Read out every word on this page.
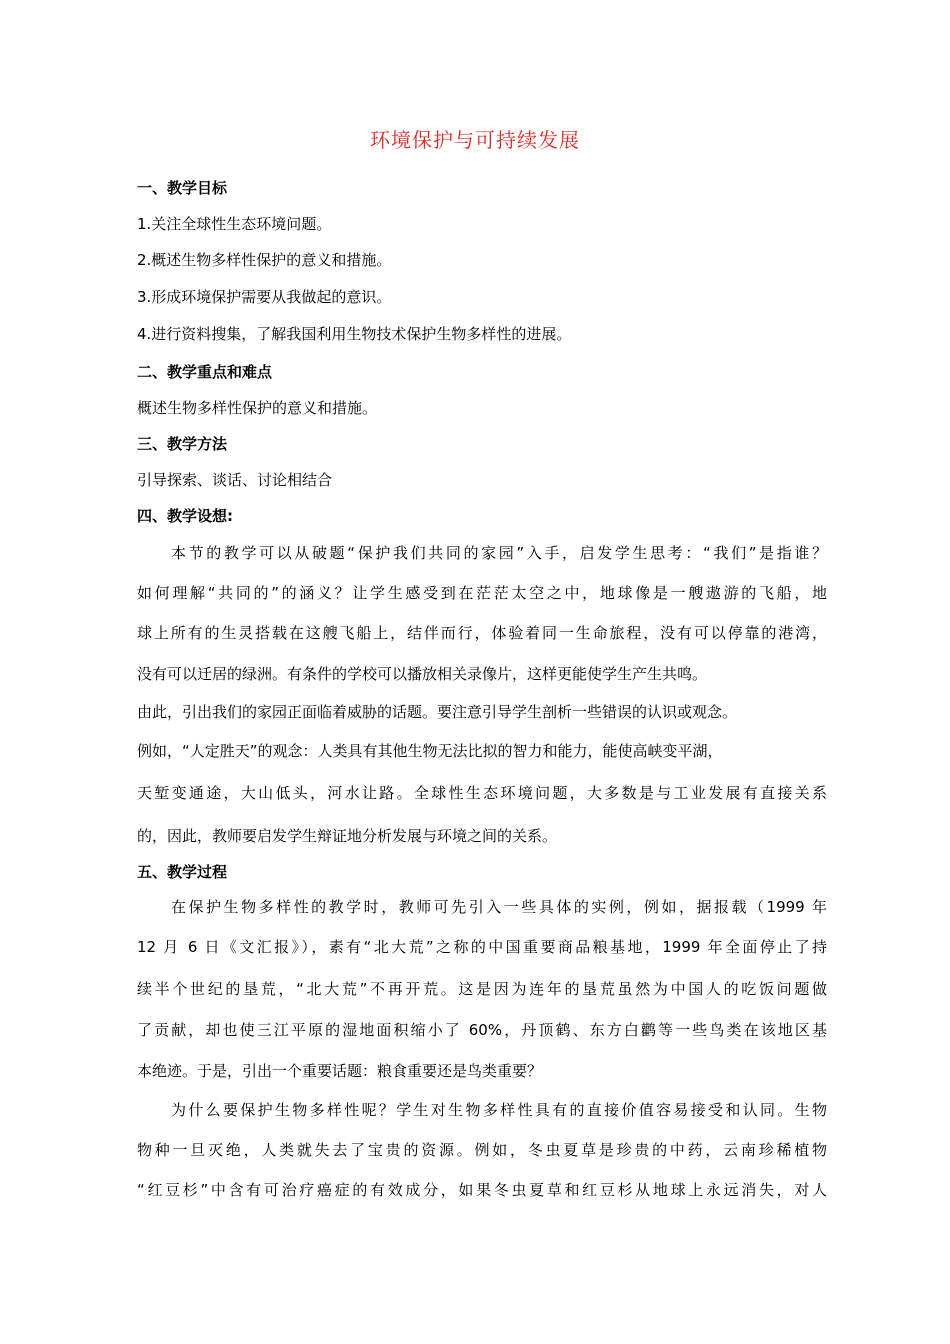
环境保护与可持续发展
一、教学目标
1.关注全球性生态环境问题。
2.概述生物多样性保护的意义和措施。
3.形成环境保护需要从我做起的意识。
4.进行资料搜集，了解我国利用生物技术保护生物多样性的进展。
二、教学重点和难点
概述生物多样性保护的意义和措施。
三、教学方法
引导探索、谈话、讨论相结合
四、教学设想:
本节的教学可以从破题“保护我们共同的家园”入手，启发学生思考：“我们”是指谁？
如何理解“共同的”的涵义？让学生感受到在茫茫太空之中，地球像是一艘遨游的飞船，地
球上所有的生灵搭载在这艘飞船上，结伴而行，体验着同一生命旅程，没有可以停靠的港湾，
没有可以迁居的绿洲。有条件的学校可以播放相关录像片，这样更能使学生产生共鸣。
由此，引出我们的家园正面临着威胁的话题。要注意引导学生剖析一些错误的认识或观念。
例如，“人定胜天”的观念：人类具有其他生物无法比拟的智力和能力，能使高峡变平湖，
天堑变通途，大山低头，河水让路。全球性生态环境问题，大多数是与工业发展有直接关系
的，因此，教师要启发学生辩证地分析发展与环境之间的关系。
五、教学过程
在保护生物多样性的教学时，教师可先引入一些具体的实例，例如，据报载（1999 年
12 月 6 日《文汇报》），素有“北大荒”之称的中国重要商品粮基地，1999 年全面停止了持
续半个世纪的垦荒，“北大荒”不再开荒。这是因为连年的垦荒虽然为中国人的吃饭问题做
了贡献，却也使三江平原的湿地面积缩小了 60%，丹顶鹤、东方白鹳等一些鸟类在该地区基
本绝迹。于是，引出一个重要话题：粮食重要还是鸟类重要？
为什么要保护生物多样性呢？学生对生物多样性具有的直接价值容易接受和认同。生物
物种一旦灭绝，人类就失去了宝贵的资源。例如，冬虫夏草是珍贵的中药，云南珍稀植物
“红豆杉”中含有可治疗癌症的有效成分，如果冬虫夏草和红豆杉从地球上永远消失，对人
